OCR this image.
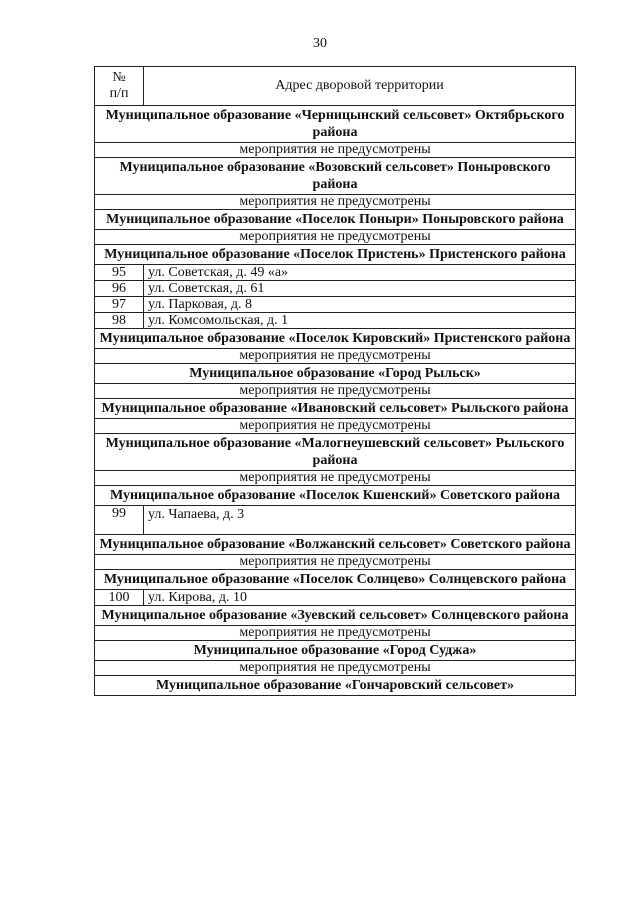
30
№
п/п	Адрес дворовой территории
Муниципальное образование «Черницынский сельсовет» Октябрьского района	
мероприятия не предусмотрены	
Муниципальное образование «Возовский сельсовет» Поныровского района	
мероприятия не предусмотрены	
Муниципальное образование «Поселок Поныри» Поныровского района	
мероприятия не предусмотрены	
Муниципальное образование «Поселок Пристень» Пристенского района	
95	ул. Советская, д. 49 «а»
96	ул. Советская, д. 61
97	ул. Парковая, д. 8
98	ул. Комсомольская, д. 1
Муниципальное образование «Поселок Кировский» Пристенского района	
мероприятия не предусмотрены	
Муниципальное образование «Город Рыльск»	
мероприятия не предусмотрены	
Муниципальное образование «Ивановский сельсовет» Рыльского района	
мероприятия не предусмотрены	
Муниципальное образование «Малогнеушевский сельсовет» Рыльского района	
мероприятия не предусмотрены	
Муниципальное образование «Поселок Кшенский» Советского района	
99	ул. Чапаева, д. 3
Муниципальное образование «Волжанский сельсовет» Советского района	
мероприятия не предусмотрены	
Муниципальное образование «Поселок Солнцево» Солнцевского района	
100	ул. Кирова, д. 10
Муниципальное образование «Зуевский сельсовет» Солнцевского района	
мероприятия не предусмотрены	
Муниципальное образование «Город Суджа»	
мероприятия не предусмотрены	
Муниципальное образование «Гончаровский сельсовет»	
